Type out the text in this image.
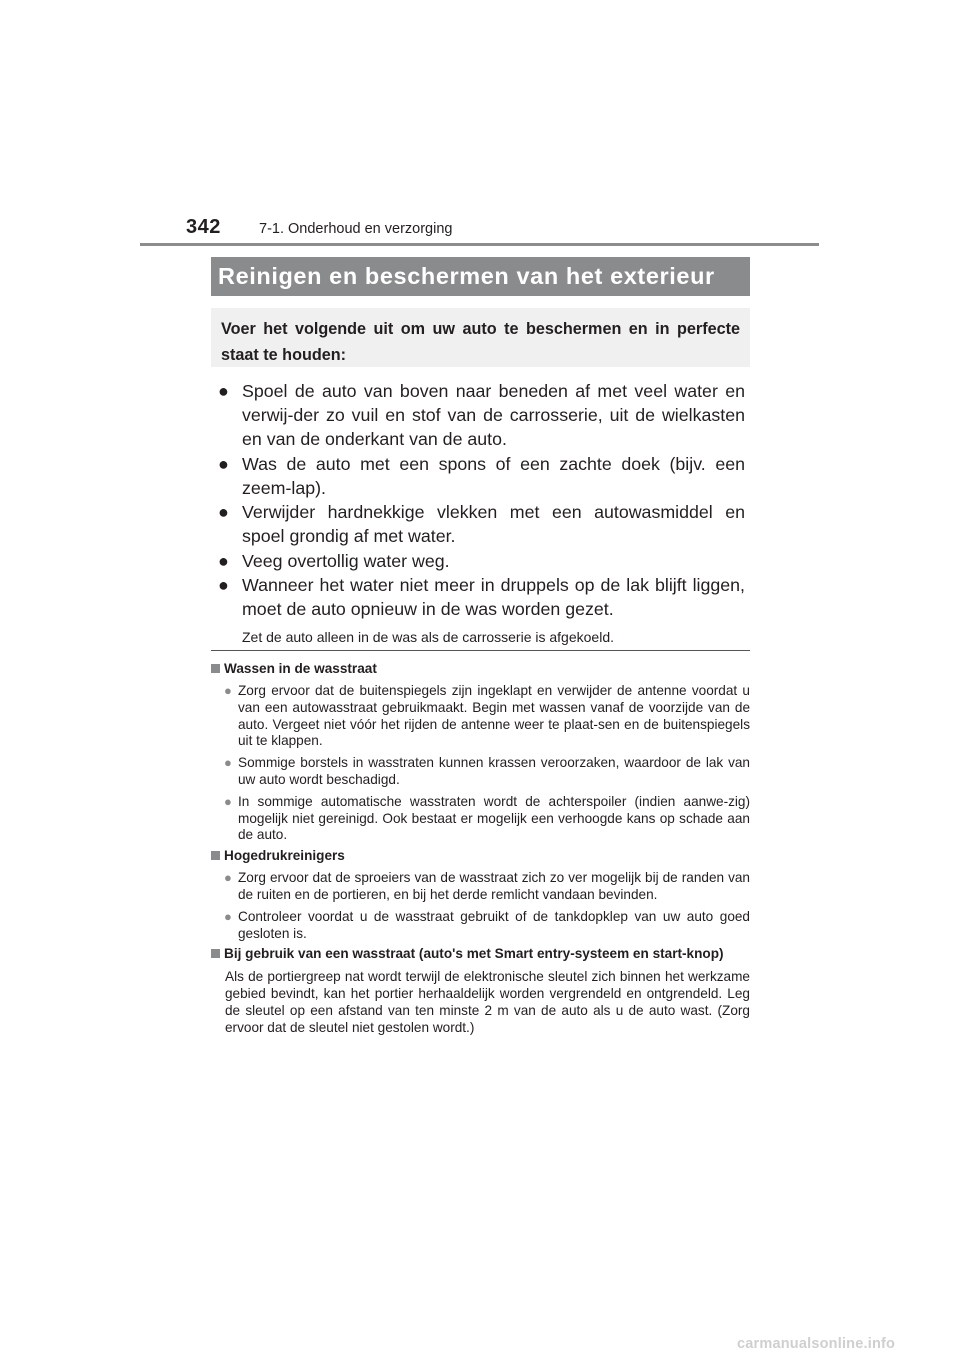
342	7-1. Onderhoud en verzorging
Reinigen en beschermen van het exterieur
Voer het volgende uit om uw auto te beschermen en in perfecte staat te houden:
● Spoel de auto van boven naar beneden af met veel water en verwij-der zo vuil en stof van de carrosserie, uit de wielkasten en van de onderkant van de auto.
● Was de auto met een spons of een zachte doek (bijv. een zeem-lap).
● Verwijder hardnekkige vlekken met een autowasmiddel en spoel grondig af met water.
● Veeg overtollig water weg.
● Wanneer het water niet meer in druppels op de lak blijft liggen, moet de auto opnieuw in de was worden gezet.
Zet de auto alleen in de was als de carrosserie is afgekoeld.
Wassen in de wasstraat
● Zorg ervoor dat de buitenspiegels zijn ingeklapt en verwijder de antenne voordat u van een autowasstraat gebruikmaakt. Begin met wassen vanaf de voorzijde van de auto. Vergeet niet vóór het rijden de antenne weer te plaat-sen en de buitenspiegels uit te klappen.
● Sommige borstels in wasstraten kunnen krassen veroorzaken, waardoor de lak van uw auto wordt beschadigd.
● In sommige automatische wasstraten wordt de achterspoiler (indien aanwe-zig) mogelijk niet gereinigd. Ook bestaat er mogelijk een verhoogde kans op schade aan de auto.
Hogedrukreinigers
● Zorg ervoor dat de sproeiers van de wasstraat zich zo ver mogelijk bij de randen van de ruiten en de portieren, en bij het derde remlicht vandaan bevinden.
● Controleer voordat u de wasstraat gebruikt of de tankdopklep van uw auto goed gesloten is.
Bij gebruik van een wasstraat (auto's met Smart entry-systeem en start-knop)
Als de portiergreep nat wordt terwijl de elektronische sleutel zich binnen het werkzame gebied bevindt, kan het portier herhaaldelijk worden vergrendeld en ontgrendeld. Leg de sleutel op een afstand van ten minste 2 m van de auto als u de auto wast. (Zorg ervoor dat de sleutel niet gestolen wordt.)
carmanualsonline.info
